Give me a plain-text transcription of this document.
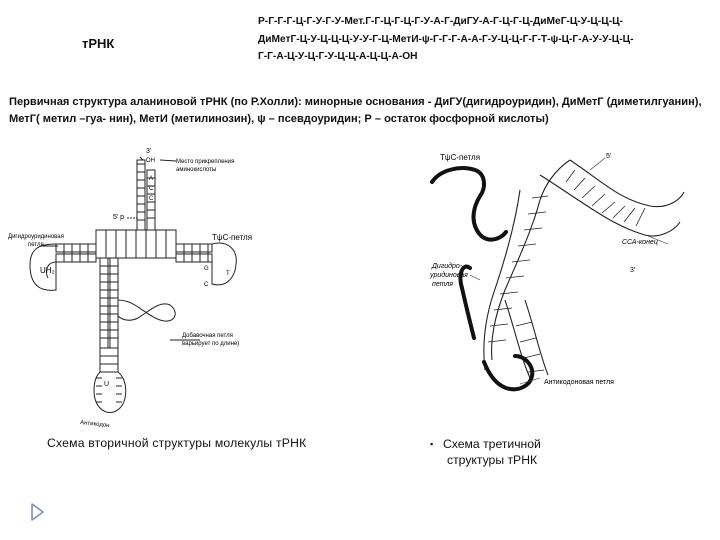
тРНК
Р-Г-Г-Г-Ц-Г-У-Г-У-Мет.Г-Г-Ц-Г-Ц-Г-У-А-Г-ДиГУ-А-Г-Ц-Г-Ц-ДиМеГ-Ц-У-Ц-Ц-Ц-
ДиМетГ-Ц-У-Ц-Ц-Ц-У-У-Г-Ц-МетИ-ψ-Г-Г-Г-А-А-Г-У-Ц-Ц-Г-Г-Т-ψ-Ц-Г-А-У-У-Ц-Ц-
Г-Г-А-Ц-У-Ц-Г-У-Ц-Ц-А-Ц-Ц-А-ОН
Первичная структура аланиновой тРНК (по Р.Холли): минорные основания - ДиГУ(дигидроуридин), ДиМетГ (диметилгуанин), МетГ( метил –гуа- нин), МетИ (метилинозин), ψ – псевдоуридин; Р – остаток фосфорной кислоты)
3'
OH	Место прикрепления
аминокислоты
А
С
С
5' р
Дигидроуридиновая
петля
UH₂
TψC-петля
G
T
C
Добавочная петля
варьирует по длине)
U
Антикодон
TψC-петля	5'
ССА-конец
Дигидро-
уридиновая
петля
3'
Антикодоновая петля
Схема вторичной структуры молекулы тРНК	▪ Схема третичной
структуры тРНК
